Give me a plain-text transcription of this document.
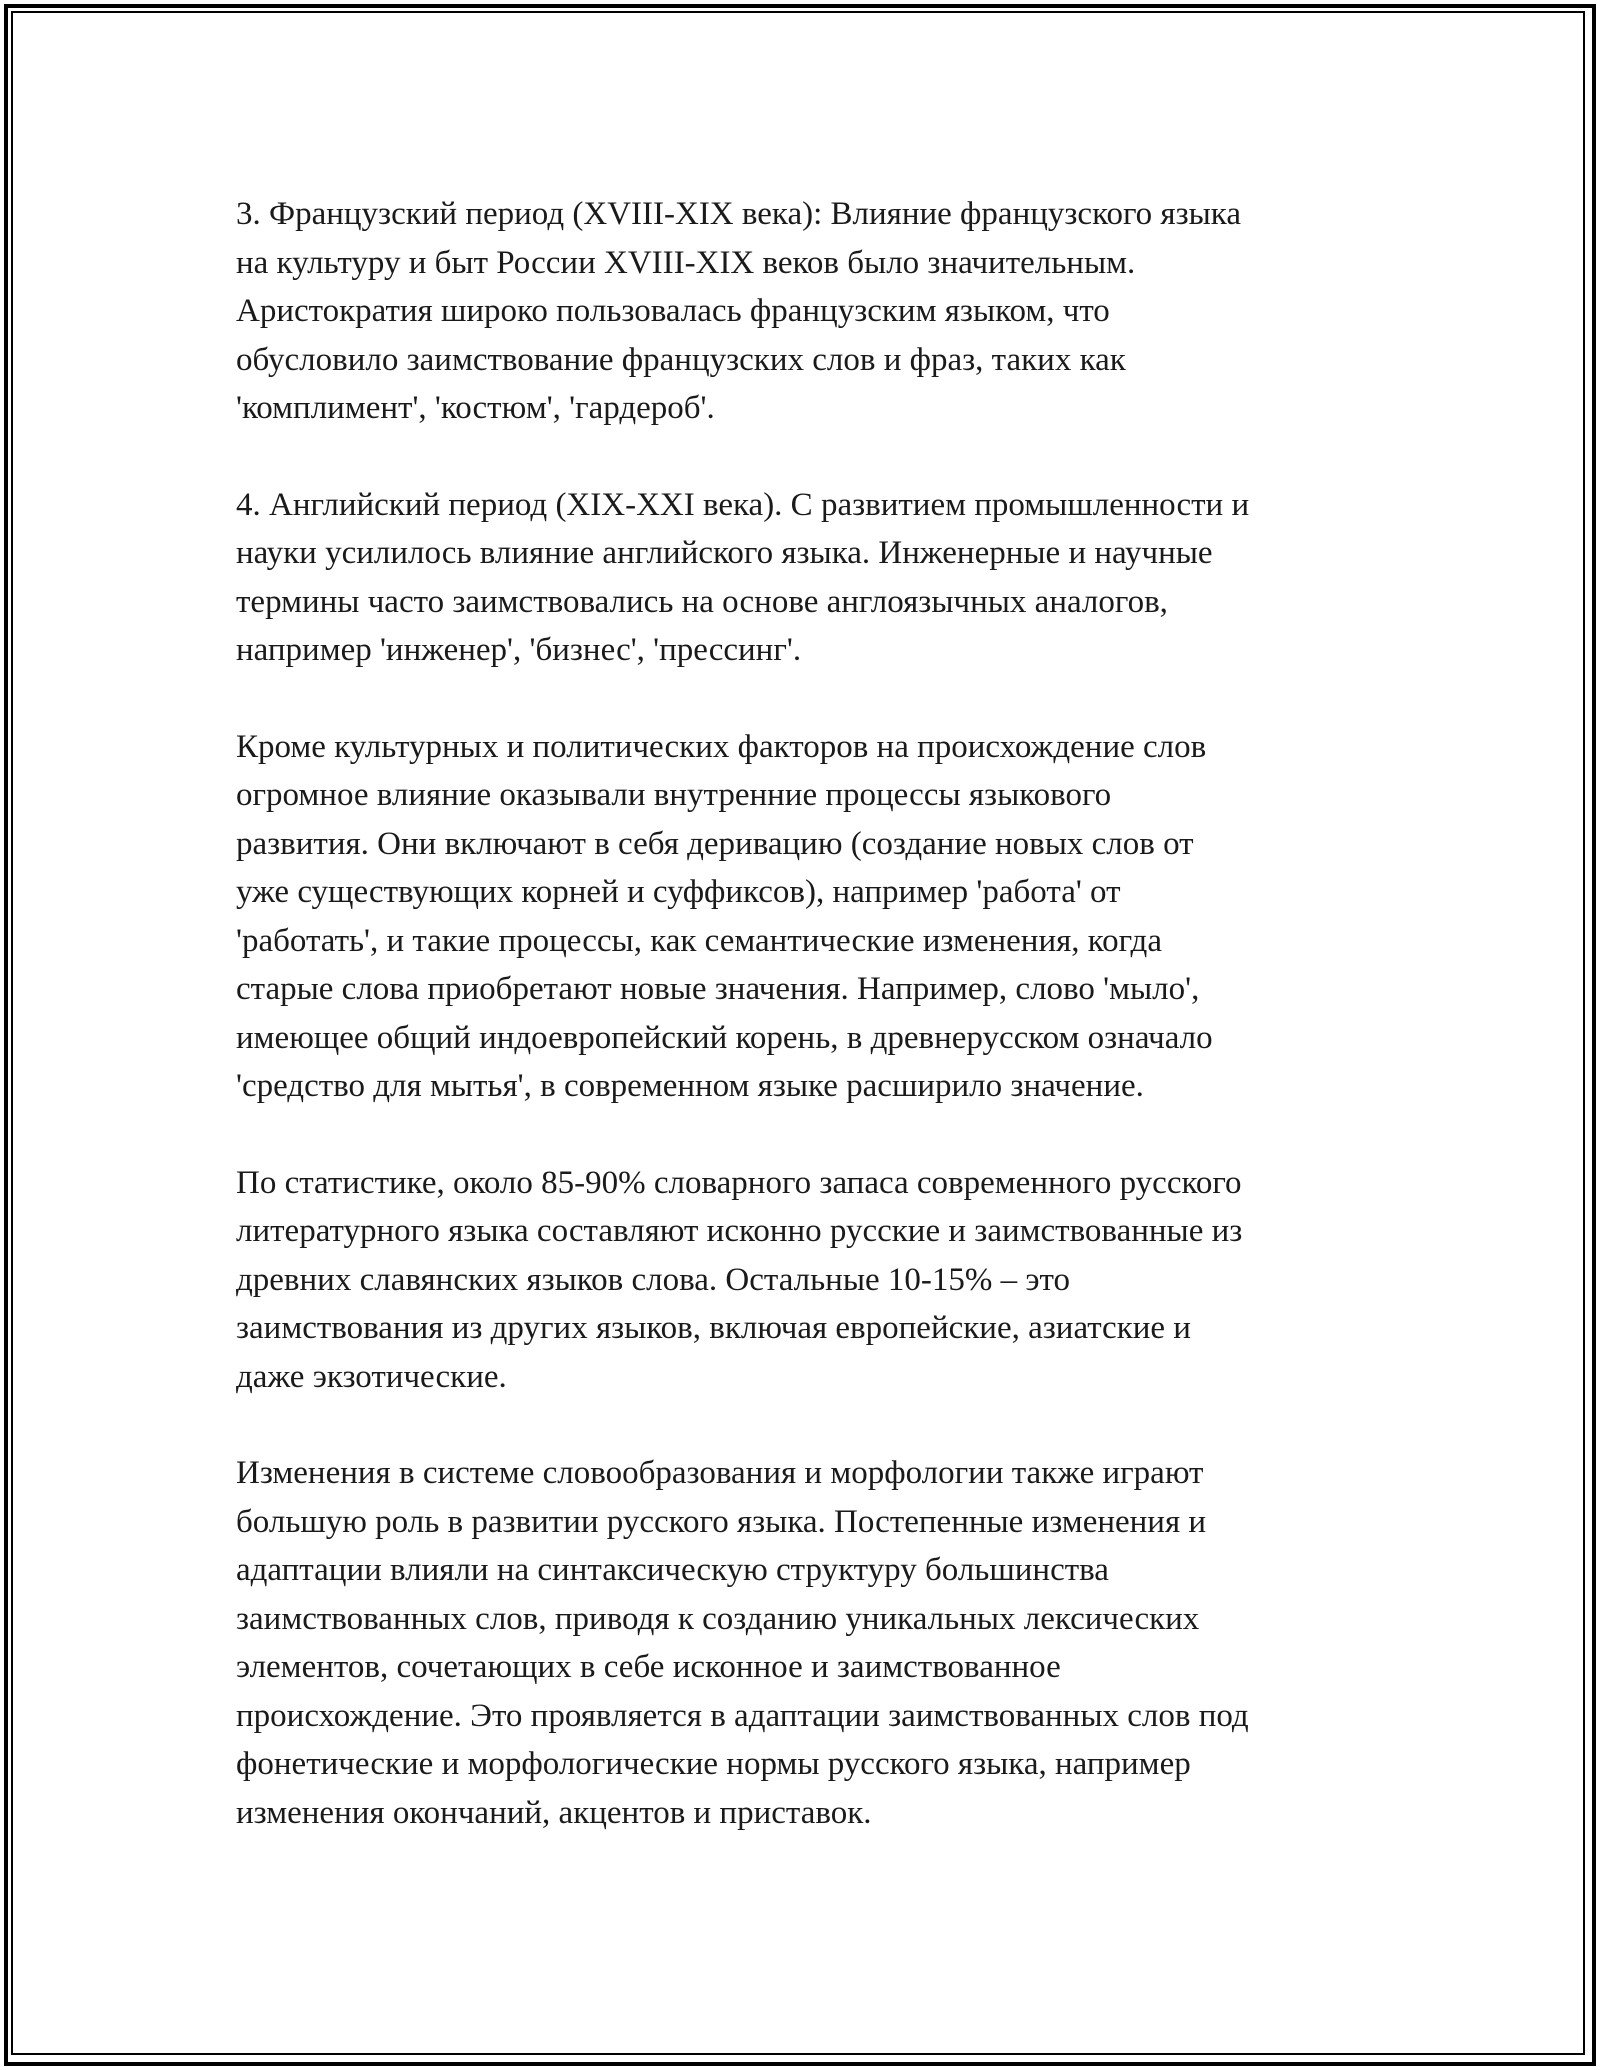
3. Французский период (XVIII-XIX века): Влияние французского языка
на культуру и быт России XVIII-XIX веков было значительным.
Аристократия широко пользовалась французским языком, что
обусловило заимствование французских слов и фраз, таких как
'комплимент', 'костюм', 'гардероб'.

4. Английский период (XIX-XXI века). С развитием промышленности и
науки усилилось влияние английского языка. Инженерные и научные
термины часто заимствовались на основе англоязычных аналогов,
например 'инженер', 'бизнес', 'прессинг'.

Кроме культурных и политических факторов на происхождение слов
огромное влияние оказывали внутренние процессы языкового
развития. Они включают в себя деривацию (создание новых слов от
уже существующих корней и суффиксов), например 'работа' от
'работать', и такие процессы, как семантические изменения, когда
старые слова приобретают новые значения. Например, слово 'мыло',
имеющее общий индоевропейский корень, в древнерусском означало
'средство для мытья', в современном языке расширило значение.

По статистике, около 85-90% словарного запаса современного русского
литературного языка составляют исконно русские и заимствованные из
древних славянских языков слова. Остальные 10-15% – это
заимствования из других языков, включая европейские, азиатские и
даже экзотические.

Изменения в системе словообразования и морфологии также играют
большую роль в развитии русского языка. Постепенные изменения и
адаптации влияли на синтаксическую структуру большинства
заимствованных слов, приводя к созданию уникальных лексических
элементов, сочетающих в себе исконное и заимствованное
происхождение. Это проявляется в адаптации заимствованных слов под
фонетические и морфологические нормы русского языка, например
изменения окончаний, акцентов и приставок.
